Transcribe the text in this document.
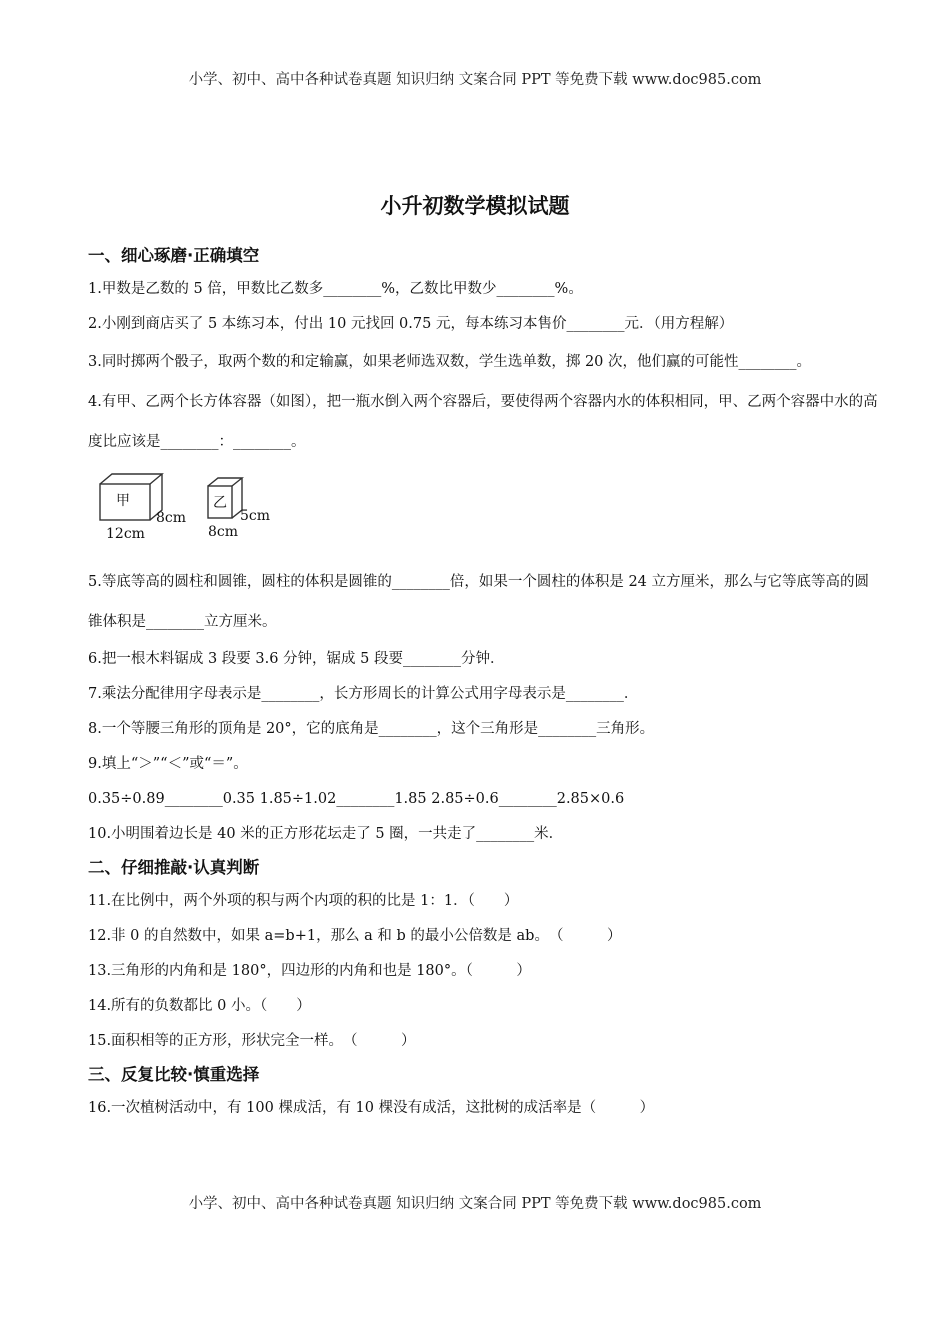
小学、初中、高中各种试卷真题 知识归纳 文案合同 PPT 等免费下载 www.doc985.com
小升初数学模拟试题
一、细心琢磨·正确填空
1.甲数是乙数的 5 倍，甲数比乙数多________%，乙数比甲数少________%。
2.小刚到商店买了 5 本练习本，付出 10 元找回 0.75 元，每本练习本售价________元．（用方程解）
3.同时掷两个骰子，取两个数的和定输赢，如果老师选双数，学生选单数，掷 20 次，他们赢的可能性________。
4.有甲、乙两个长方体容器（如图），把一瓶水倒入两个容器后，要使得两个容器内水的体积相同，甲、乙两个容器中水的高度比应该是________：________。
甲
12cm
8cm
乙
8cm
5cm
5.等底等高的圆柱和圆锥，圆柱的体积是圆锥的________倍，如果一个圆柱的体积是 24 立方厘米，那么与它等底等高的圆锥体积是________立方厘米。
6.把一根木料锯成 3 段要 3.6 分钟，锯成 5 段要________分钟．
7.乘法分配律用字母表示是________，长方形周长的计算公式用字母表示是________．
8.一个等腰三角形的顶角是 20°，它的底角是________，这个三角形是________三角形。
9.填上“＞”“＜”或“＝”。
0.35÷0.89________0.35 1.85÷1.02________1.85 2.85÷0.6________2.85×0.6
10.小明围着边长是 40 米的正方形花坛走了 5 圈，一共走了________米．
二、仔细推敲·认真判断
11.在比例中，两个外项的积与两个内项的积的比是 1：1．（　　）
12.非 0 的自然数中，如果 a=b+1，那么 a 和 b 的最小公倍数是 ab。　（　　　）
13.三角形的内角和是 180°，四边形的内角和也是 180°。（　　　）
14.所有的负数都比 0 小。（　　）
15.面积相等的正方形，形状完全一样。　（　　　）
三、反复比较·慎重选择
16.一次植树活动中，有 100 棵成活，有 10 棵没有成活，这批树的成活率是（　　　）
小学、初中、高中各种试卷真题 知识归纳 文案合同 PPT 等免费下载 www.doc985.com
